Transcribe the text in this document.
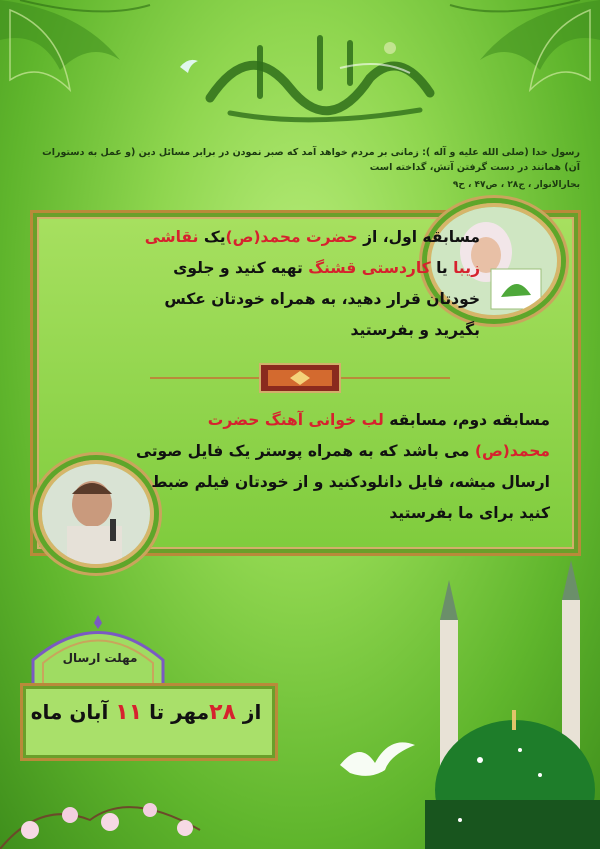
رسول خدا (صلی الله علیه و آله ): زمانی بر مردم خواهد آمد که صبر نمودن در برابر مسائل دین (و عمل به دستورات آن) همانند در دست گرفتن آتش، گداخته است
بحارالانوار ، ج۲۸ ، ص۴۷ ، ح۹
مسابقه اول، از حضرت محمد(ص)یک نقاشی زیبا یا کاردستی قشنگ تهیه کنید و جلوی خودتان قرار دهید، به همراه خودتان عکس بگیرید و بفرستید
مسابقه دوم، مسابقه لب خوانی آهنگ حضرت محمد(ص) می باشد که به همراه پوستر یک فایل صوتی ارسال میشه، فایل دانلودکنید و از خودتان فیلم ضبط کنید برای ما بفرستید
مهلت ارسال
از ۲۸مهر تا ۱۱ آبان ماه
